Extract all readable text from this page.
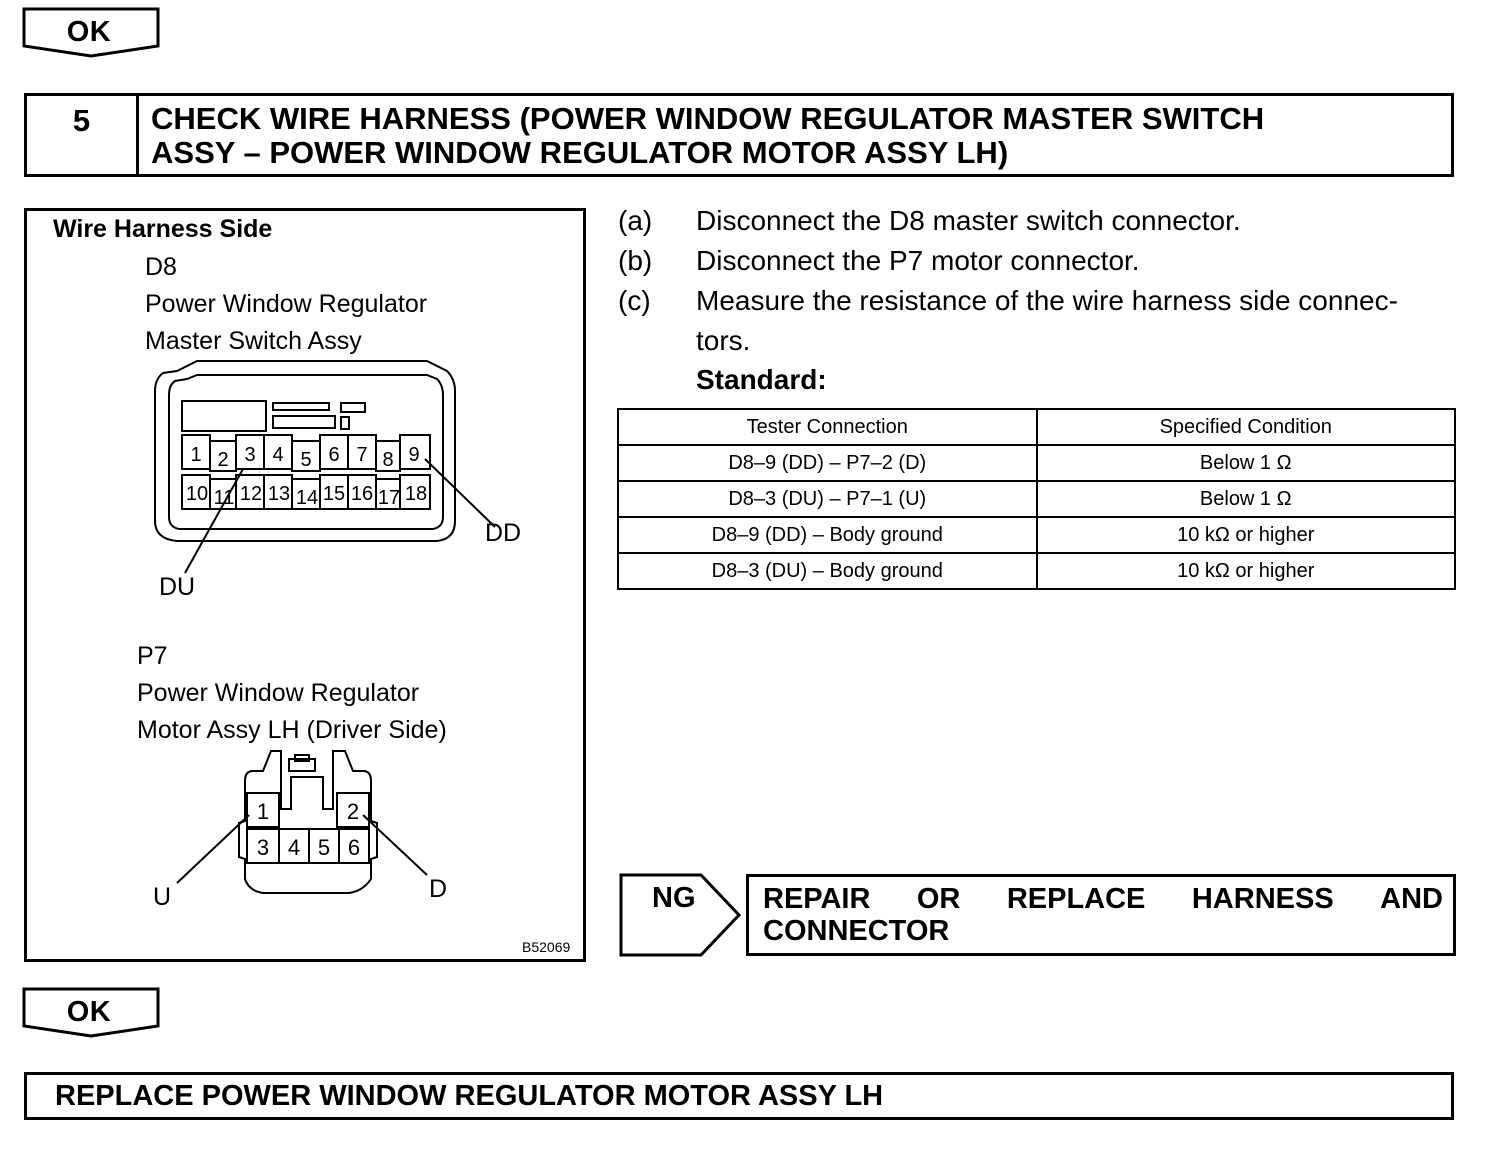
OK
5	CHECK WIRE HARNESS (POWER WINDOW REGULATOR MASTER SWITCH
ASSY – POWER WINDOW REGULATOR MOTOR ASSY LH)
1 2 3 4 5 6 7 8 9
10 11 12 13 14 15 16 17 18
1	2
3 4 5 6
Wire Harness Side
D8
Power Window Regulator
Master Switch Assy
DD
DU
P7
Power Window Regulator
Motor Assy LH (Driver Side)
U	D
B52069
(a) Disconnect the D8 master switch connector.
(b) Disconnect the P7 motor connector.
(c) Measure the resistance of the wire harness side connec-
tors.
Standard:
Tester Connection	Specified Condition
D8–9 (DD) – P7–2 (D)	Below 1 Ω
D8–3 (DU) – P7–1 (U)	Below 1 Ω
D8–9 (DD) – Body ground	10 kΩ or higher
D8–3 (DU) – Body ground	10 kΩ or higher
NG REPAIR OR REPLACE HARNESS AND
CONNECTOR
OK
REPLACE POWER WINDOW REGULATOR MOTOR ASSY LH
